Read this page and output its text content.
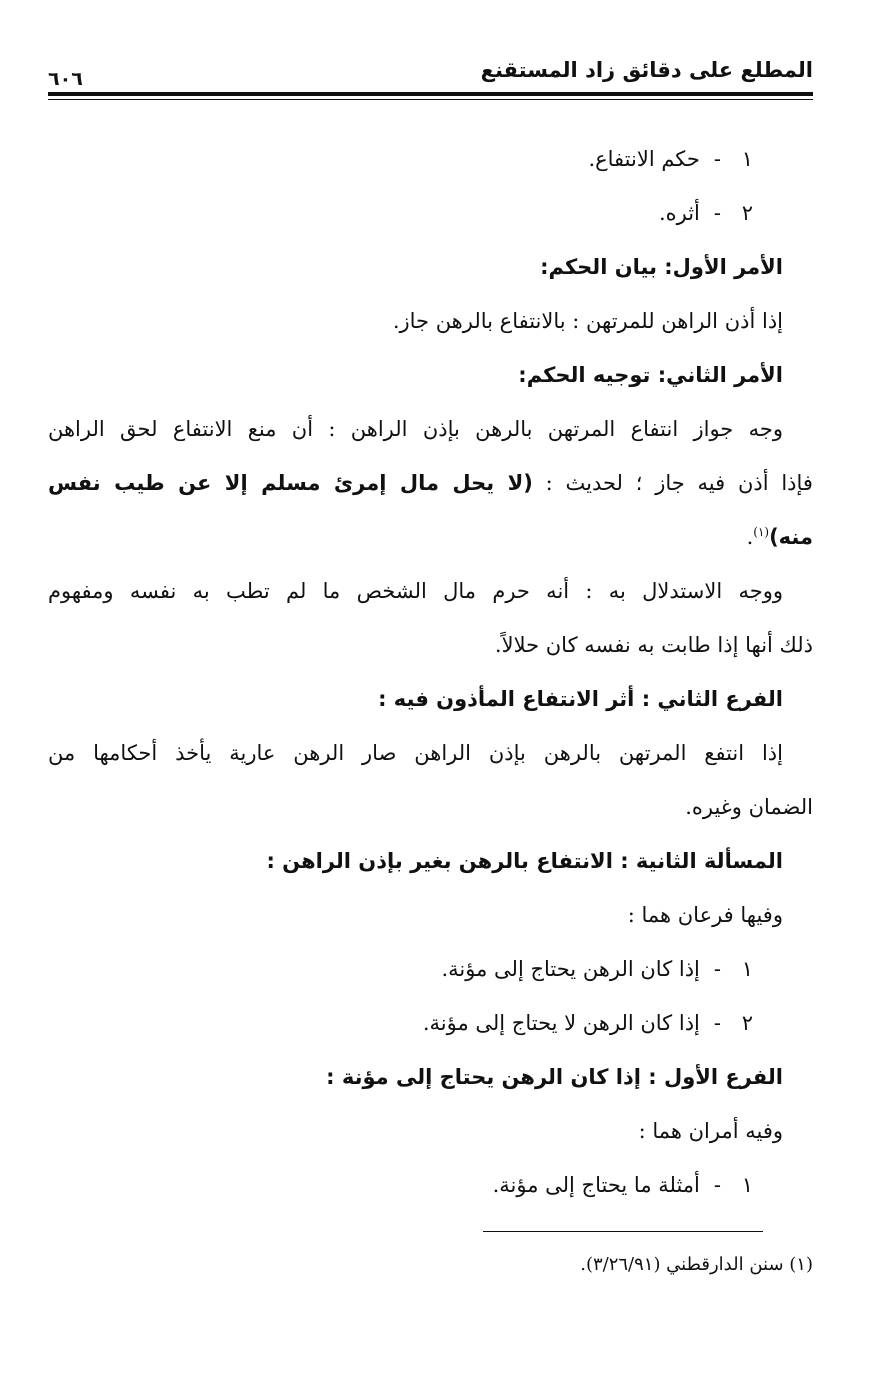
المطلع على دقائق زاد المستقنع
٦٠٦
١-حكم الانتفاع.
٢-أثره.
الأمر الأول: بيان الحكم:
إذا أذن الراهن للمرتهن : بالانتفاع بالرهن جاز.
الأمر الثاني: توجيه الحكم:
وجه جواز انتفاع المرتهن بالرهن بإذن الراهن : أن منع الانتفاع لحق الراهن
فإذا أذن فيه جاز ؛ لحديث : (لا يحل مال إمرئ مسلم إلا عن طيب نفس
منه)$^{(١)}$.
ووجه الاستدلال به : أنه حرم مال الشخص ما لم تطب به نفسه ومفهوم
ذلك أنها إذا طابت به نفسه كان حلالاً.
الفرع الثاني : أثر الانتفاع المأذون فيه :
إذا انتفع المرتهن بالرهن بإذن الراهن صار الرهن عارية يأخذ أحكامها من
الضمان وغيره.
المسألة الثانية : الانتفاع بالرهن بغير بإذن الراهن :
وفيها فرعان هما :
١-إذا كان الرهن يحتاج إلى مؤنة.
٢-إذا كان الرهن لا يحتاج إلى مؤنة.
الفرع الأول : إذا كان الرهن يحتاج إلى مؤنة :
وفيه أمران هما :
١-أمثلة ما يحتاج إلى مؤنة.
(١) سنن الدارقطني (٣/٢٦/٩١).
